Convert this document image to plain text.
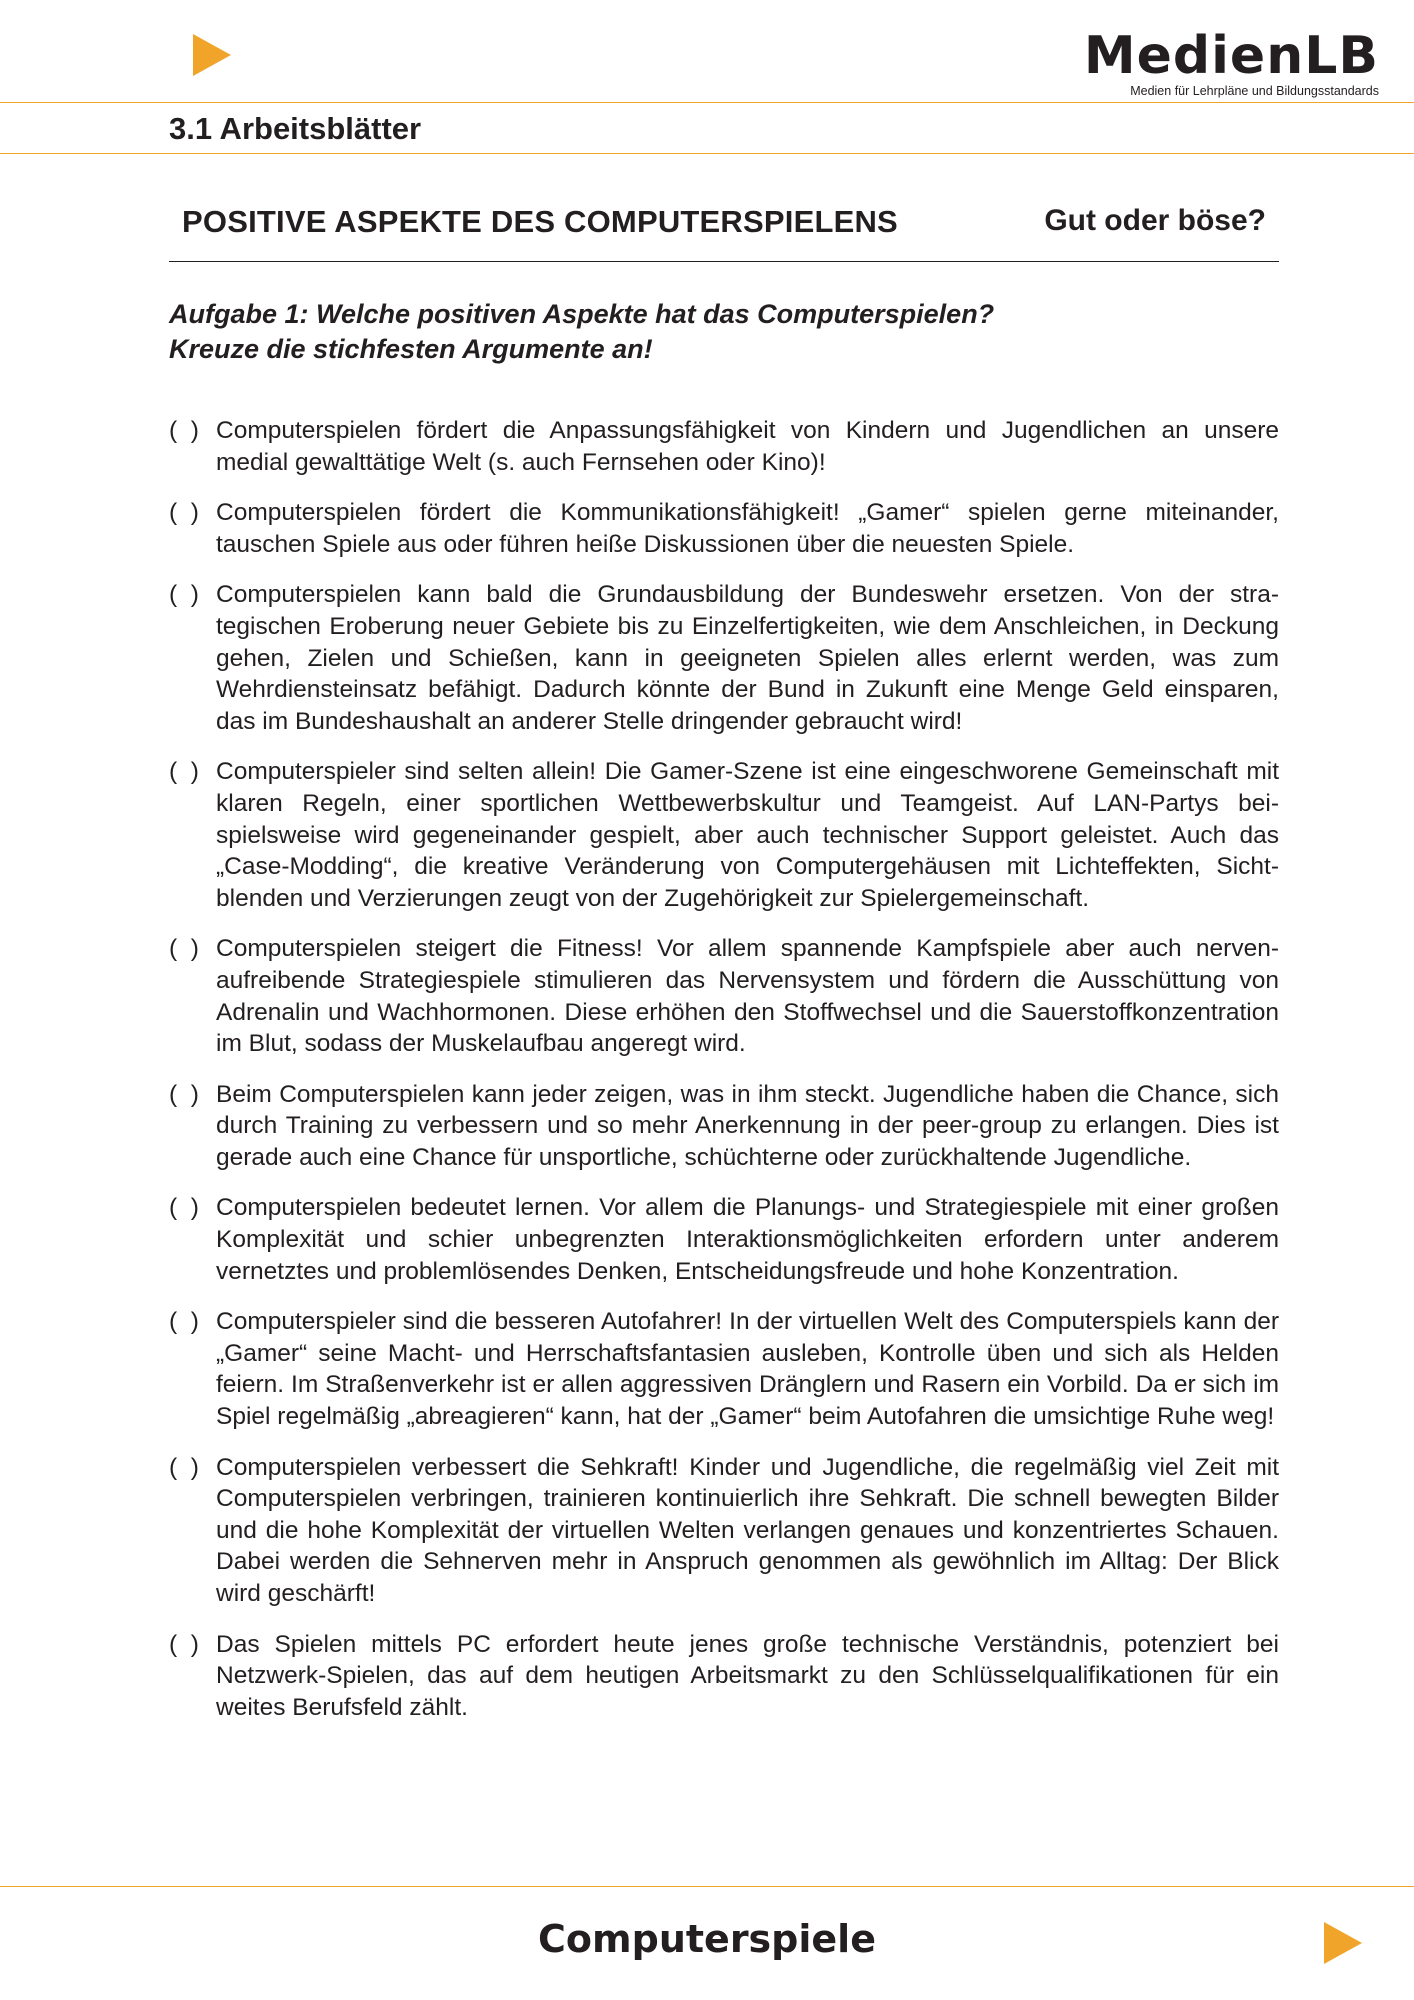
MedienLB
Medien für Lehrpläne und Bildungsstandards
3.1 Arbeitsblätter
POSITIVE ASPEKTE DES COMPUTERSPIELENS	Gut oder böse?
Aufgabe 1: Welche positiven Aspekte hat das Computerspielen?
Kreuze die stichfesten Argumente an!
(  ) Computerspielen fördert die Anpassungsfähigkeit von Kindern und Jugendlichen an unsere medial gewalttätige Welt (s. auch Fernsehen oder Kino)!
(  ) Computerspielen fördert die Kommunikationsfähigkeit! „Gamer“ spielen gerne miteinander, tauschen Spiele aus oder führen heiße Diskussionen über die neuesten Spiele.
(  ) Computerspielen kann bald die Grundausbildung der Bundeswehr ersetzen. Von der strategischen Eroberung neuer Gebiete bis zu Einzelfertigkeiten, wie dem Anschleichen, in Deckung gehen, Zielen und Schießen, kann in geeigneten Spielen alles erlernt werden, was zum Wehrdiensteinsatz befähigt. Dadurch könnte der Bund in Zukunft eine Menge Geld einsparen, das im Bundeshaushalt an anderer Stelle dringender gebraucht wird!
(  ) Computerspieler sind selten allein! Die Gamer-Szene ist eine eingeschworene Gemeinschaft mit klaren Regeln, einer sportlichen Wettbewerbskultur und Teamgeist. Auf LAN-Partys beispielsweise wird gegeneinander gespielt, aber auch technischer Support geleistet. Auch das „Case-Modding“, die kreative Veränderung von Computergehäusen mit Lichteffekten, Sichtblenden und Verzierungen zeugt von der Zugehörigkeit zur Spielergemeinschaft.
(  ) Computerspielen steigert die Fitness! Vor allem spannende Kampfspiele aber auch nervenaufreibende Strategiespiele stimulieren das Nervensystem und fördern die Ausschüttung von Adrenalin und Wachhormonen. Diese erhöhen den Stoffwechsel und die Sauerstoffkonzentration im Blut, sodass der Muskelaufbau angeregt wird.
(  ) Beim Computerspielen kann jeder zeigen, was in ihm steckt. Jugendliche haben die Chance, sich durch Training zu verbessern und so mehr Anerkennung in der peer-group zu erlangen. Dies ist gerade auch eine Chance für unsportliche, schüchterne oder zurückhaltende Jugendliche.
(  ) Computerspielen bedeutet lernen. Vor allem die Planungs- und Strategiespiele mit einer großen Komplexität und schier unbegrenzten Interaktionsmöglichkeiten erfordern unter anderem vernetztes und problemlösendes Denken, Entscheidungsfreude und hohe Konzentration.
(  ) Computerspieler sind die besseren Autofahrer! In der virtuellen Welt des Computerspiels kann der „Gamer“ seine Macht- und Herrschaftsfantasien ausleben, Kontrolle üben und sich als Helden feiern. Im Straßenverkehr ist er allen aggressiven Dränglern und Rasern ein Vorbild. Da er sich im Spiel regelmäßig „abreagieren“ kann, hat der „Gamer“ beim Autofahren die umsichtige Ruhe weg!
(  ) Computerspielen verbessert die Sehkraft! Kinder und Jugendliche, die regelmäßig viel Zeit mit Computerspielen verbringen, trainieren kontinuierlich ihre Sehkraft. Die schnell bewegten Bilder und die hohe Komplexität der virtuellen Welten verlangen genaues und konzentriertes Schauen. Dabei werden die Sehnerven mehr in Anspruch genommen als gewöhnlich im Alltag: Der Blick wird geschärft!
(  ) Das Spielen mittels PC erfordert heute jenes große technische Verständnis, potenziert bei Netzwerk-Spielen, das auf dem heutigen Arbeitsmarkt zu den Schlüsselqualifikationen für ein weites Berufsfeld zählt.
Computerspiele
